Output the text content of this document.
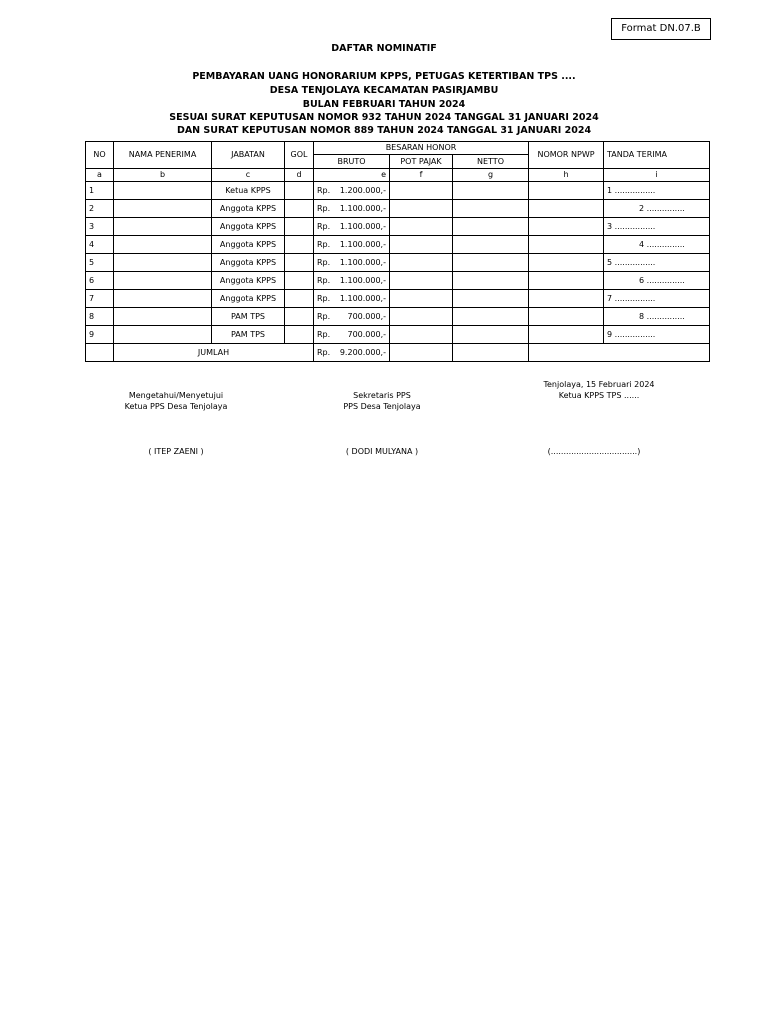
Format DN.07.B
DAFTAR NOMINATIF
PEMBAYARAN UANG HONORARIUM KPPS, PETUGAS KETERTIBAN TPS ....
DESA TENJOLAYA KECAMATAN PASIRJAMBU
BULAN FEBRUARI TAHUN 2024
SESUAI SURAT KEPUTUSAN NOMOR 932 TAHUN 2024 TANGGAL 31 JANUARI 2024
DAN SURAT KEPUTUSAN NOMOR 889 TAHUN 2024 TANGGAL 31 JANUARI 2024
NO	NAMA PENERIMA	JABATAN	GOL	BESARAN HONOR			NOMOR NPWP	TANDA TERIMA
				BRUTO	POT PAJAK	NETTO		
a	b	c	d	e	f	g	h	i
1		Ketua KPPS		Rp. 1.200.000,-				1 ................
2		Anggota KPPS		Rp. 1.100.000,-				2 ...............
3		Anggota KPPS		Rp. 1.100.000,-				3 ................
4		Anggota KPPS		Rp. 1.100.000,-				4 ...............
5		Anggota KPPS		Rp. 1.100.000,-				5 ................
6		Anggota KPPS		Rp. 1.100.000,-				6 ...............
7		Anggota KPPS		Rp. 1.100.000,-				7 ................
8		PAM TPS		Rp. 700.000,-				8 ...............
9		PAM TPS		Rp. 700.000,-				9 ................
	JUMLAH			Rp. 9.200.000,-				

Mengetahui/Menyetujui
Ketua PPS Desa Tenjolaya
Sekretaris PPS
PPS Desa Tenjolaya
Tenjolaya, 15 Februari 2024
Ketua KPPS TPS ......
( ITEP ZAENI )	( DODI MULYANA )	(..................................)
